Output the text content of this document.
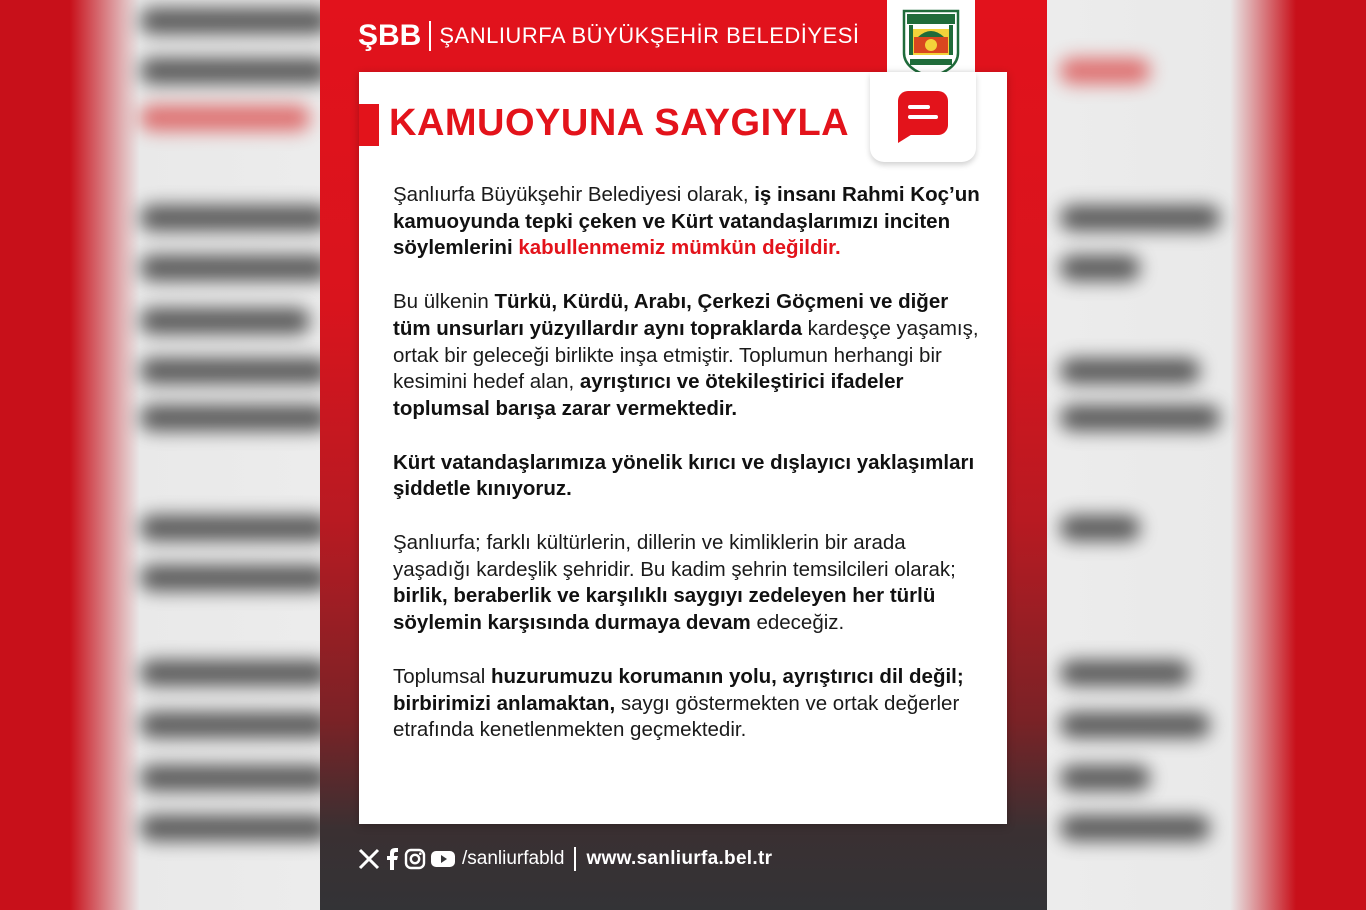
ŞBB ŞANLIURFA BÜYÜKŞEHİR BELEDİYESİ
KAMUOYUNA SAYGIYLA

Şanlıurfa Büyükşehir Belediyesi olarak, iş insanı Rahmi Koç’un kamuoyunda tepki çeken ve Kürt vatandaşlarımızı inciten söylemlerini kabullenmemiz mümkün değildir.

Bu ülkenin Türkü, Kürdü, Arabı, Çerkezi Göçmeni ve diğer tüm unsurları yüzyıllardır aynı topraklarda kardeşçe yaşamış, ortak bir geleceği birlikte inşa etmiştir. Toplumun herhangi bir kesimini hedef alan, ayrıştırıcı ve ötekileştirici ifadeler toplumsal barışa zarar vermektedir.

Kürt vatandaşlarımıza yönelik kırıcı ve dışlayıcı yaklaşımları şiddetle kınıyoruz.

Şanlıurfa; farklı kültürlerin, dillerin ve kimliklerin bir arada yaşadığı kardeşlik şehridir. Bu kadim şehrin temsilcileri olarak; birlik, beraberlik ve karşılıklı saygıyı zedeleyen her türlü söylemin karşısında durmaya devam edeceğiz.

Toplumsal huzurumuzu korumanın yolu, ayrıştırıcı dil değil; birbirimizi anlamaktan, saygı göstermekten ve ortak değerler etrafında kenetlenmekten geçmektedir.

/sanliurfabld www.sanliurfa.bel.tr
